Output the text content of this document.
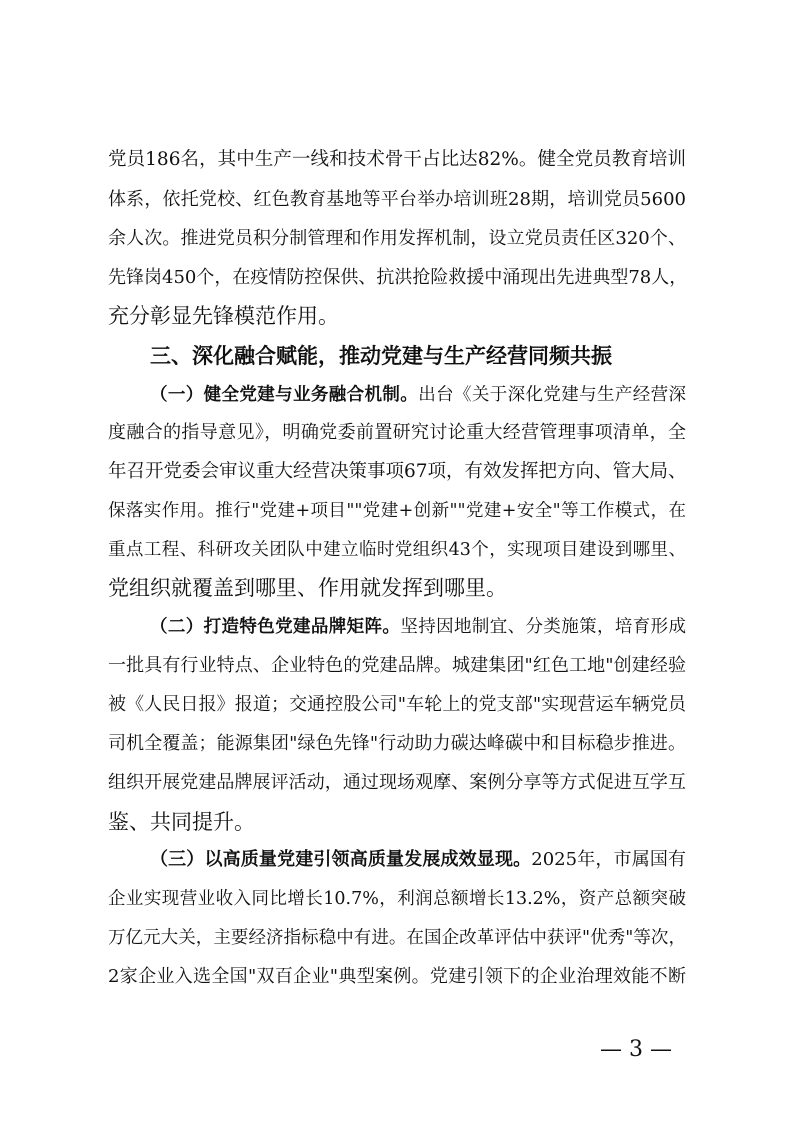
党员186名，其中生产一线和技术骨干占比达82%。健全党员教育培训
体系，依托党校、红色教育基地等平台举办培训班28期，培训党员5600
余人次。推进党员积分制管理和作用发挥机制，设立党员责任区320个、
先锋岗450个，在疫情防控保供、抗洪抢险救援中涌现出先进典型78人，
充分彰显先锋模范作用。
三、深化融合赋能，推动党建与生产经营同频共振
（一）健全党建与业务融合机制。出台《关于深化党建与生产经营深
度融合的指导意见》，明确党委前置研究讨论重大经营管理事项清单，全
年召开党委会审议重大经营决策事项67项，有效发挥把方向、管大局、
保落实作用。推行"党建+项目""党建+创新""党建+安全"等工作模式，在
重点工程、科研攻关团队中建立临时党组织43个，实现项目建设到哪里、
党组织就覆盖到哪里、作用就发挥到哪里。
（二）打造特色党建品牌矩阵。坚持因地制宜、分类施策，培育形成
一批具有行业特点、企业特色的党建品牌。城建集团"红色工地"创建经验
被《人民日报》报道；交通控股公司"车轮上的党支部"实现营运车辆党员
司机全覆盖；能源集团"绿色先锋"行动助力碳达峰碳中和目标稳步推进。
组织开展党建品牌展评活动，通过现场观摩、案例分享等方式促进互学互
鉴、共同提升。
（三）以高质量党建引领高质量发展成效显现。2025年，市属国有
企业实现营业收入同比增长10.7%，利润总额增长13.2%，资产总额突破
万亿元大关，主要经济指标稳中有进。在国企改革评估中获评"优秀"等次，
2家企业入选全国"双百企业"典型案例。党建引领下的企业治理效能不断
— 3 —
